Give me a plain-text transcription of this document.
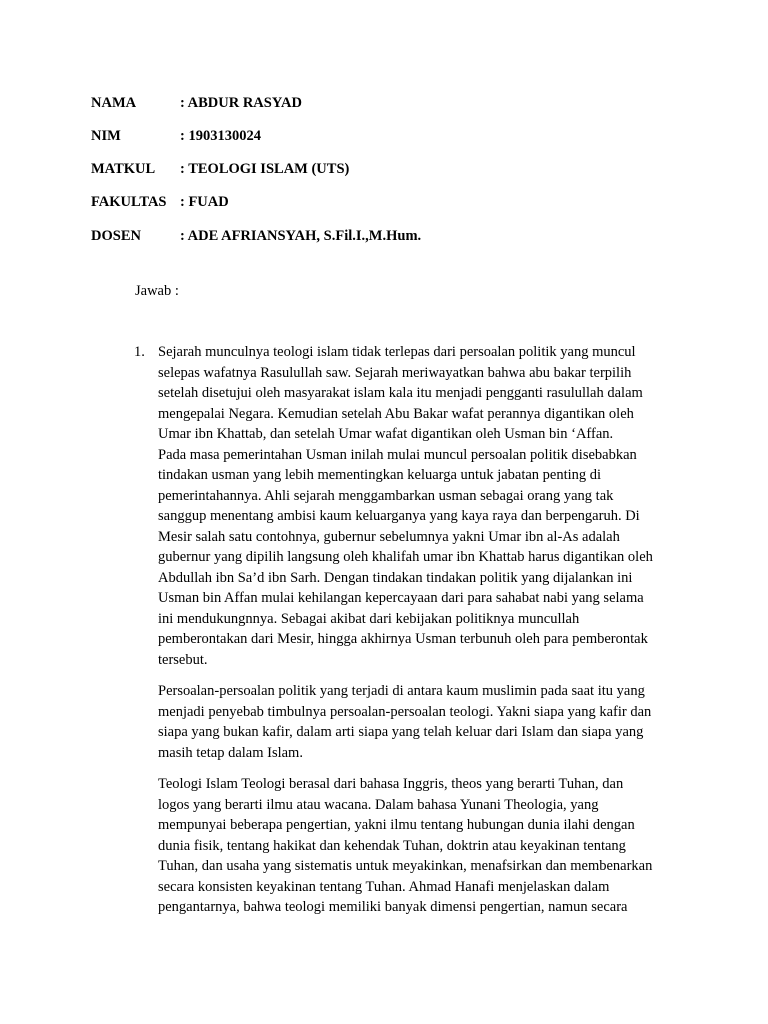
NAMA	: ABDUR RASYAD
NIM	: 1903130024
MATKUL : TEOLOGI ISLAM (UTS)
FAKULTAS : FUAD
DOSEN	: ADE AFRIANSYAH, S.Fil.I.,M.Hum.
Jawab :
1. Sejarah munculnya teologi islam tidak terlepas dari persoalan politik yang muncul
selepas wafatnya Rasulullah saw. Sejarah meriwayatkan bahwa abu bakar terpilih
setelah disetujui oleh masyarakat islam kala itu menjadi pengganti rasulullah dalam
mengepalai Negara. Kemudian setelah Abu Bakar wafat perannya digantikan oleh
Umar ibn Khattab, dan setelah Umar wafat digantikan oleh Usman bin ‘Affan.
Pada masa pemerintahan Usman inilah mulai muncul persoalan politik disebabkan
tindakan usman yang lebih mementingkan keluarga untuk jabatan penting di
pemerintahannya. Ahli sejarah menggambarkan usman sebagai orang yang tak
sanggup menentang ambisi kaum keluarganya yang kaya raya dan berpengaruh. Di
Mesir salah satu contohnya, gubernur sebelumnya yakni Umar ibn al-As adalah
gubernur yang dipilih langsung oleh khalifah umar ibn Khattab harus digantikan oleh
Abdullah ibn Sa’d ibn Sarh. Dengan tindakan tindakan politik yang dijalankan ini
Usman bin Affan mulai kehilangan kepercayaan dari para sahabat nabi yang selama
ini mendukungnnya. Sebagai akibat dari kebijakan politiknya muncullah
pemberontakan dari Mesir, hingga akhirnya Usman terbunuh oleh para pemberontak
tersebut.

Persoalan-persoalan politik yang terjadi di antara kaum muslimin pada saat itu yang
menjadi penyebab timbulnya persoalan-persoalan teologi. Yakni siapa yang kafir dan
siapa yang bukan kafir, dalam arti siapa yang telah keluar dari Islam dan siapa yang
masih tetap dalam Islam.

Teologi Islam Teologi berasal dari bahasa Inggris, theos yang berarti Tuhan, dan
logos yang berarti ilmu atau wacana. Dalam bahasa Yunani Theologia, yang
mempunyai beberapa pengertian, yakni ilmu tentang hubungan dunia ilahi dengan
dunia fisik, tentang hakikat dan kehendak Tuhan, doktrin atau keyakinan tentang
Tuhan, dan usaha yang sistematis untuk meyakinkan, menafsirkan dan membenarkan
secara konsisten keyakinan tentang Tuhan. Ahmad Hanafi menjelaskan dalam
pengantarnya, bahwa teologi memiliki banyak dimensi pengertian, namun secara
